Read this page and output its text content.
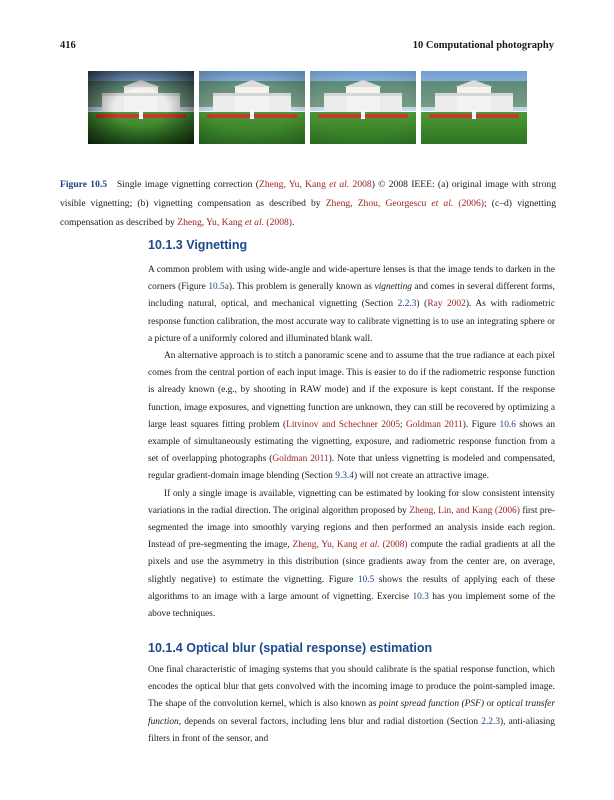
416	10 Computational photography
Figure 10.5 Single image vignetting correction (Zheng, Yu, Kang et al. 2008) © 2008 IEEE: (a) original image with strong visible vignetting; (b) vignetting compensation as described by Zheng, Zhou, Georgescu et al. (2006); (c–d) vignetting compensation as described by Zheng, Yu, Kang et al. (2008).
10.1.3 Vignetting

A common problem with using wide-angle and wide-aperture lenses is that the image tends to darken in the corners (Figure 10.5a). This problem is generally known as vignetting and comes in several different forms, including natural, optical, and mechanical vignetting (Section 2.2.3) (Ray 2002). As with radiometric response function calibration, the most accurate way to calibrate vignetting is to use an integrating sphere or a picture of a uniformly colored and illuminated blank wall.

An alternative approach is to stitch a panoramic scene and to assume that the true radiance at each pixel comes from the central portion of each input image. This is easier to do if the radiometric response function is already known (e.g., by shooting in RAW mode) and if the exposure is kept constant. If the response function, image exposures, and vignetting function are unknown, they can still be recovered by optimizing a large least squares fitting problem (Litvinov and Schechner 2005; Goldman 2011). Figure 10.6 shows an example of simultaneously estimating the vignetting, exposure, and radiometric response function from a set of overlapping photographs (Goldman 2011). Note that unless vignetting is modeled and compensated, regular gradient-domain image blending (Section 9.3.4) will not create an attractive image.

If only a single image is available, vignetting can be estimated by looking for slow consistent intensity variations in the radial direction. The original algorithm proposed by Zheng, Lin, and Kang (2006) first pre-segmented the image into smoothly varying regions and then performed an analysis inside each region. Instead of pre-segmenting the image, Zheng, Yu, Kang et al. (2008) compute the radial gradients at all the pixels and use the asymmetry in this distribution (since gradients away from the center are, on average, slightly negative) to estimate the vignetting. Figure 10.5 shows the results of applying each of these algorithms to an image with a large amount of vignetting. Exercise 10.3 has you implement some of the above techniques.

10.1.4 Optical blur (spatial response) estimation

One final characteristic of imaging systems that you should calibrate is the spatial response function, which encodes the optical blur that gets convolved with the incoming image to produce the point-sampled image. The shape of the convolution kernel, which is also known as point spread function (PSF) or optical transfer function, depends on several factors, including lens blur and radial distortion (Section 2.2.3), anti-aliasing filters in front of the sensor, and
